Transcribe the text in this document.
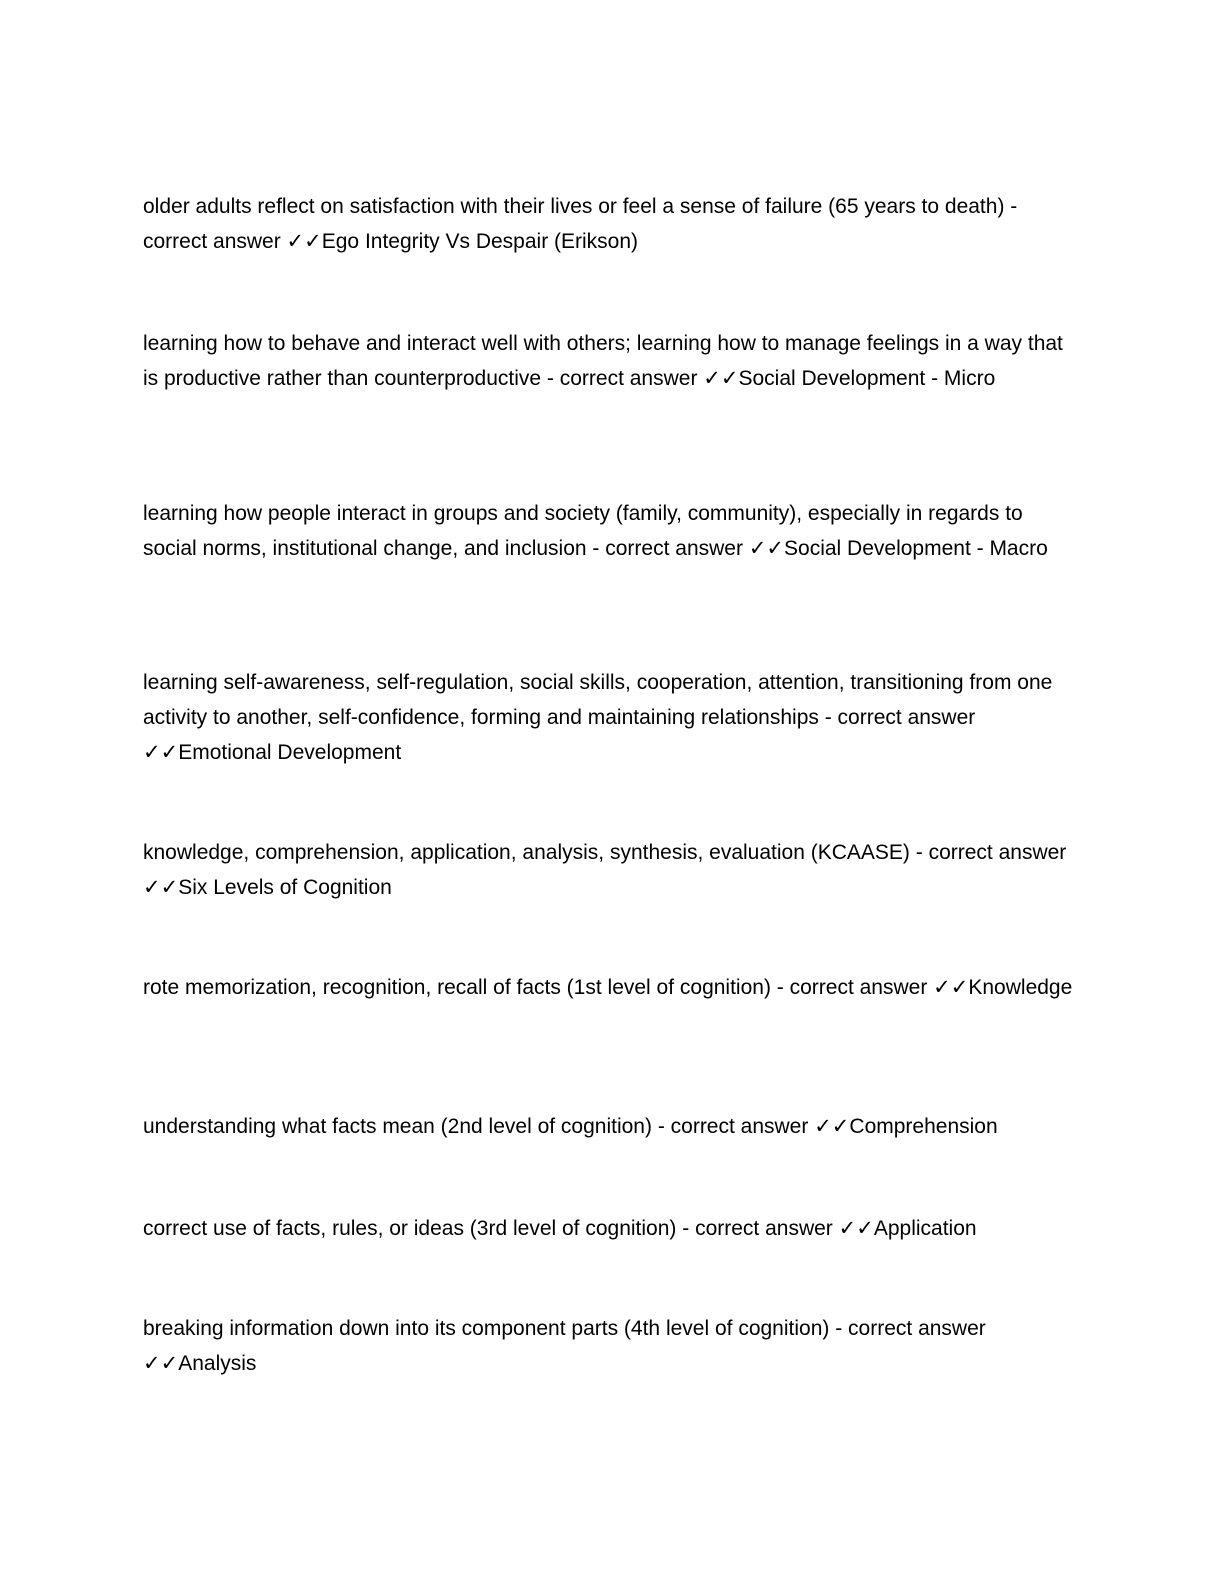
older adults reflect on satisfaction with their lives or feel a sense of failure (65 years to death) - correct answer ✓✓Ego Integrity Vs Despair (Erikson)

learning how to behave and interact well with others; learning how to manage feelings in a way that is productive rather than counterproductive - correct answer ✓✓Social Development - Micro

learning how people interact in groups and society (family, community), especially in regards to social norms, institutional change, and inclusion - correct answer ✓✓Social Development - Macro

learning self-awareness, self-regulation, social skills, cooperation, attention, transitioning from one activity to another, self-confidence, forming and maintaining relationships - correct answer ✓✓Emotional Development

knowledge, comprehension, application, analysis, synthesis, evaluation (KCAASE) - correct answer ✓✓Six Levels of Cognition

rote memorization, recognition, recall of facts (1st level of cognition) - correct answer ✓✓Knowledge

understanding what facts mean (2nd level of cognition) - correct answer ✓✓Comprehension

correct use of facts, rules, or ideas (3rd level of cognition) - correct answer ✓✓Application

breaking information down into its component parts (4th level of cognition) - correct answer ✓✓Analysis
